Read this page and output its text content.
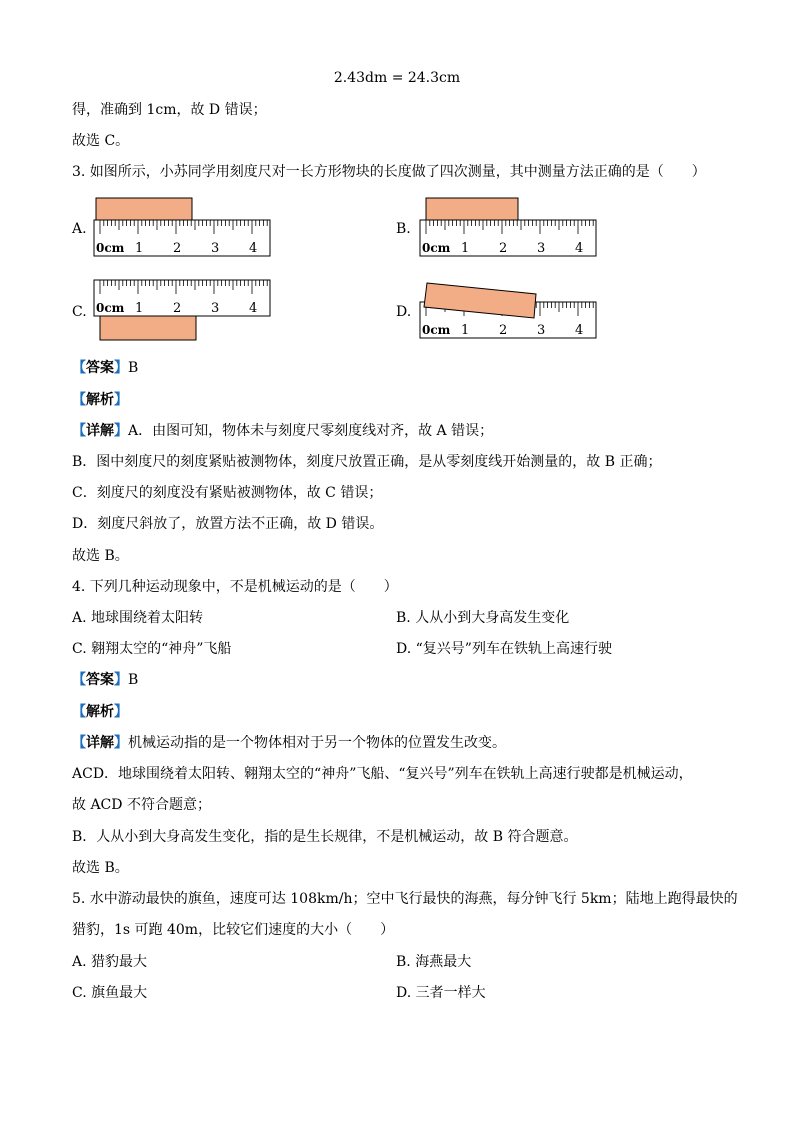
2.43dm = 24.3cm
得，准确到 1cm，故 D 错误；
故选 C。
3. 如图所示，小苏同学用刻度尺对一长方形物块的长度做了四次测量，其中测量方法正确的是（　　）
A.	B.
C.	D.
0cm 1 2 3 4	0cm 1 2 3 4
0cm 1 2 3 4
0cm 1 2 3 4
【答案】B
【解析】
【详解】A．由图可知，物体未与刻度尺零刻度线对齐，故 A 错误；
B．图中刻度尺的刻度紧贴被测物体，刻度尺放置正确，是从零刻度线开始测量的，故 B 正确；
C．刻度尺的刻度没有紧贴被测物体，故 C 错误；
D．刻度尺斜放了，放置方法不正确，故 D 错误。
故选 B。
4. 下列几种运动现象中，不是机械运动的是（　　）
A. 地球围绕着太阳转	B. 人从小到大身高发生变化
C. 翱翔太空的“神舟”飞船	D. “复兴号”列车在铁轨上高速行驶
【答案】B
【解析】
【详解】机械运动指的是一个物体相对于另一个物体的位置发生改变。
ACD．地球围绕着太阳转、翱翔太空的“神舟”飞船、“复兴号”列车在铁轨上高速行驶都是机械运动，
故 ACD 不符合题意；
B．人从小到大身高发生变化，指的是生长规律，不是机械运动，故 B 符合题意。
故选 B。
5. 水中游动最快的旗鱼，速度可达 108km/h；空中飞行最快的海燕，每分钟飞行 5km；陆地上跑得最快的
猎豹，1s 可跑 40m，比较它们速度的大小（　　）
A. 猎豹最大	B. 海燕最大
C. 旗鱼最大	D. 三者一样大
